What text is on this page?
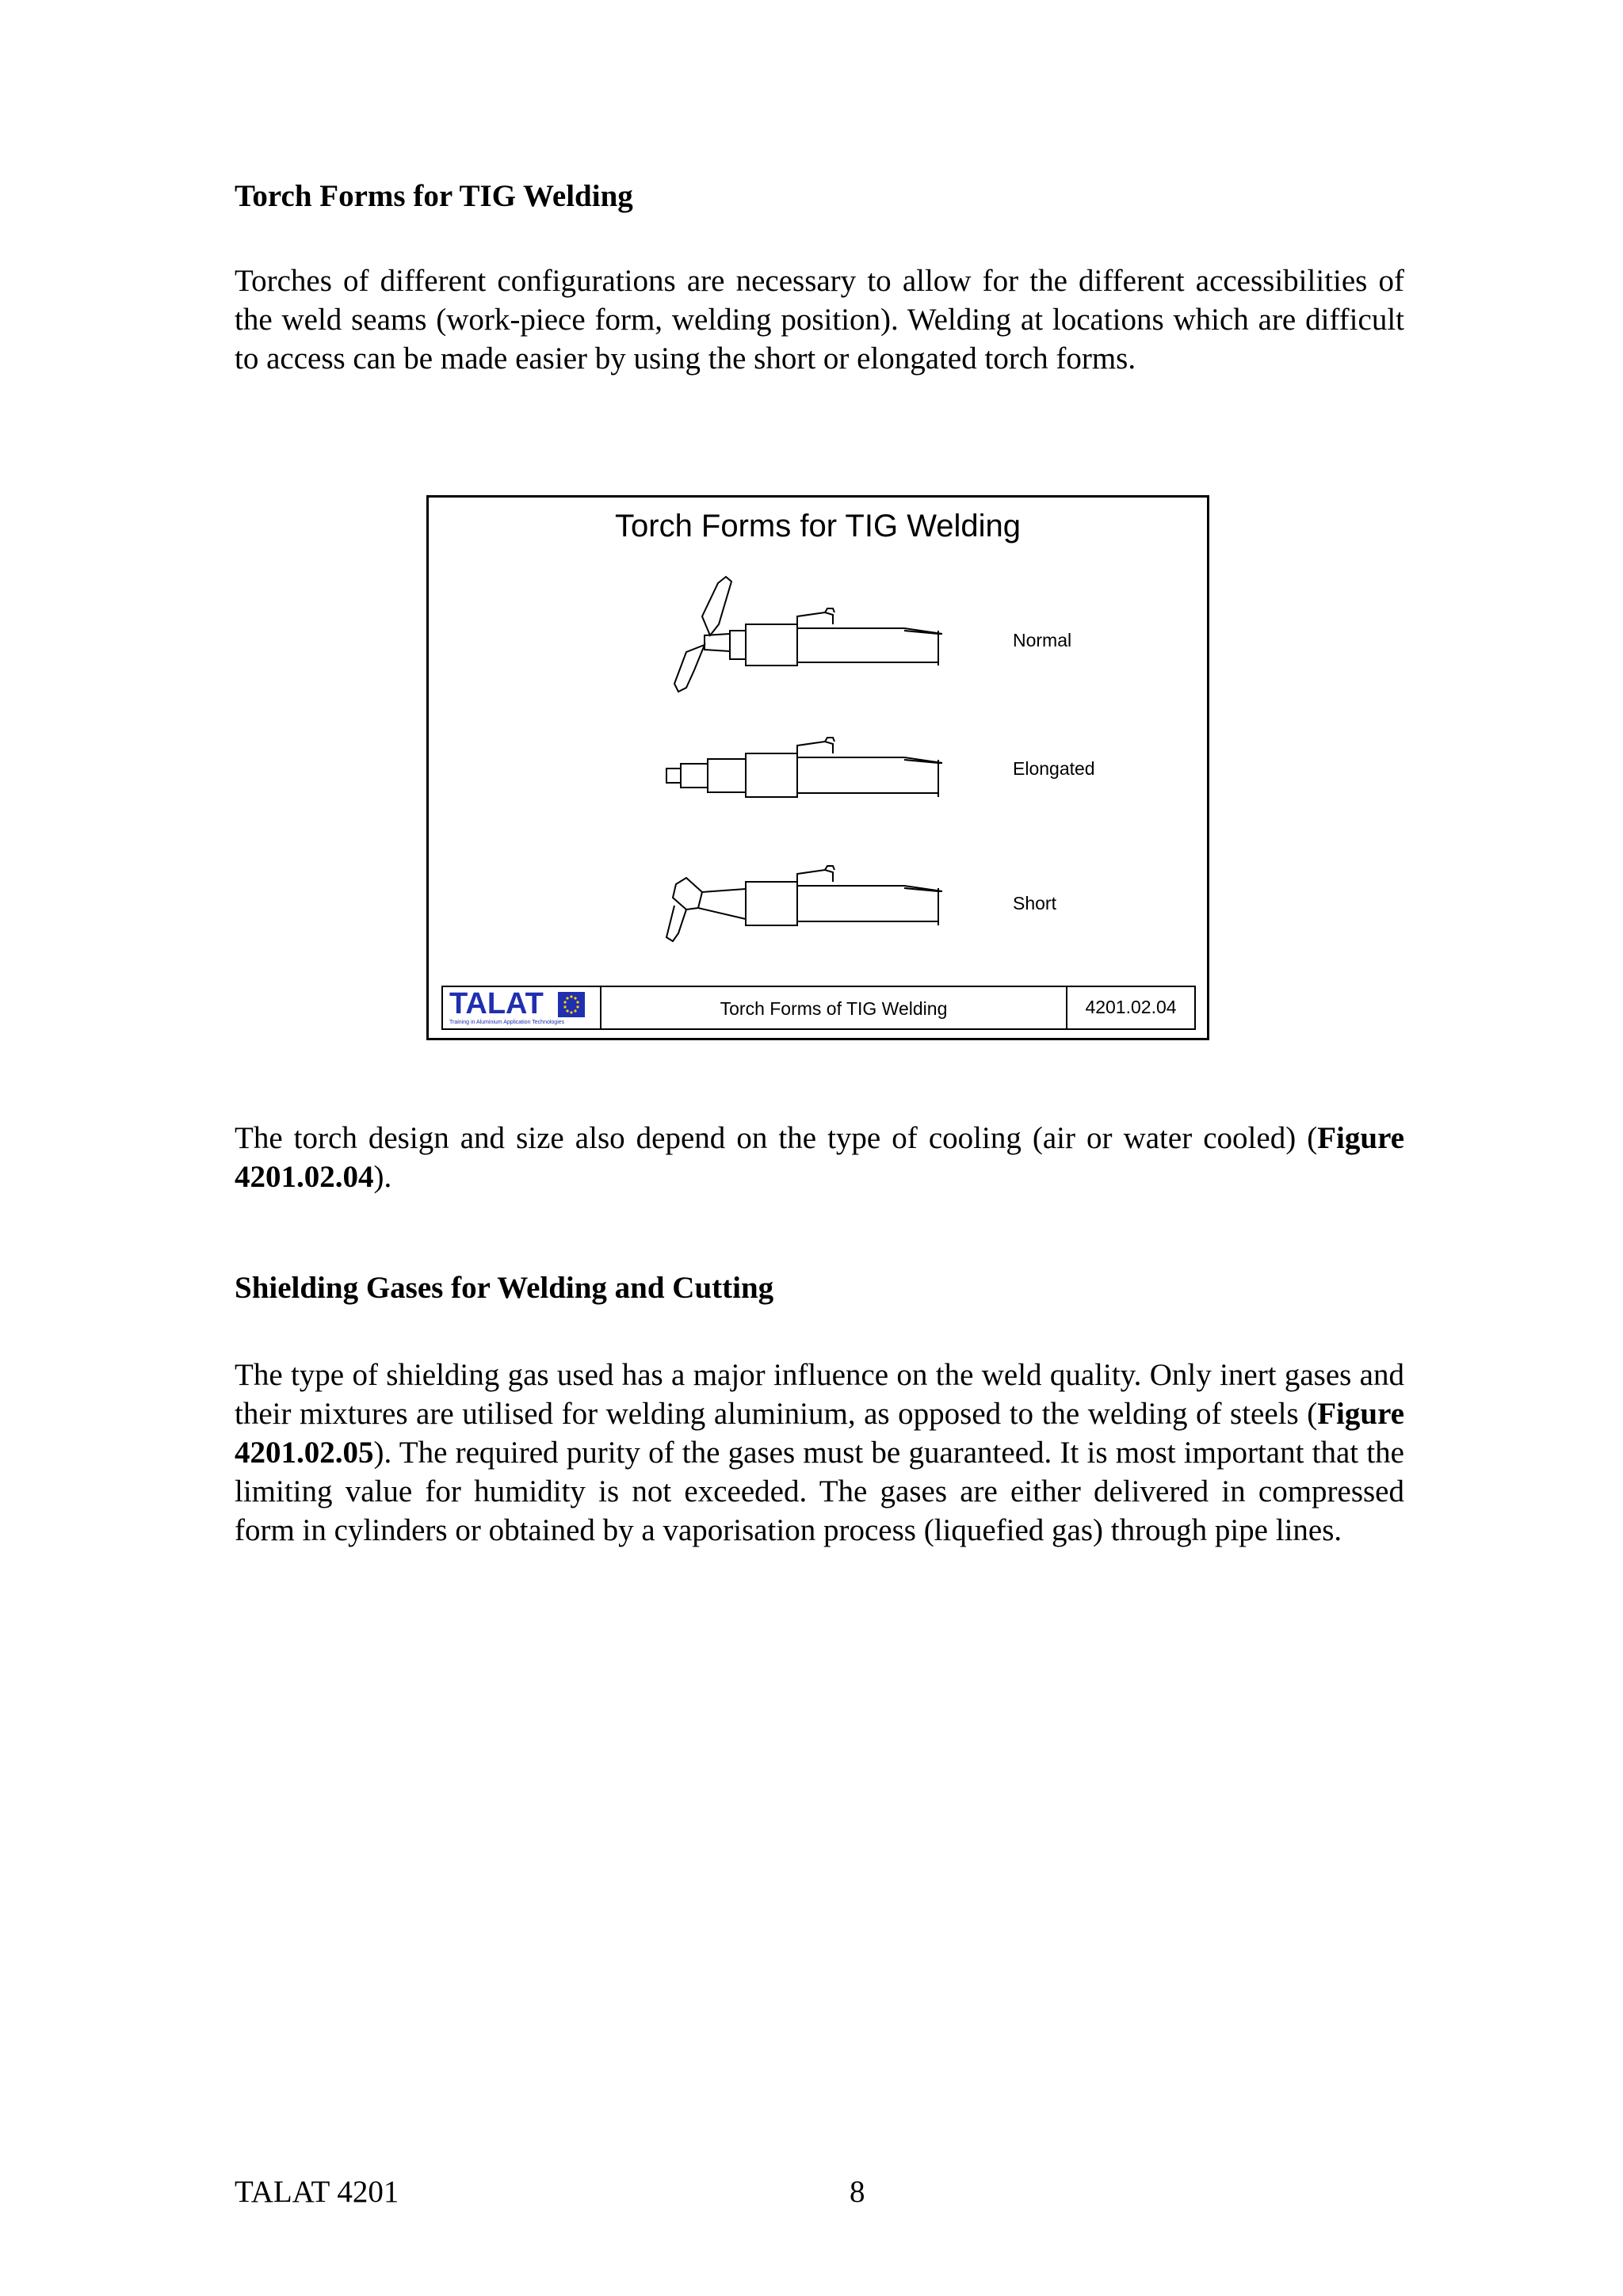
Torch Forms for TIG Welding

Torches of different configurations are necessary to allow for the different accessibilities of the weld seams (work-piece form, welding position). Welding at locations which are difficult to access can be made easier by using the short or elongated torch forms.

Torch Forms for TIG Welding
Normal
Elongated
Short
TALAT
Training in Aluminium Application Technologies
Torch Forms of TIG Welding	4201.02.04

The torch design and size also depend on the type of cooling (air or water cooled) (Figure 4201.02.04).

Shielding Gases for Welding and Cutting

The type of shielding gas used has a major influence on the weld quality. Only inert gases and their mixtures are utilised for welding aluminium, as opposed to the welding of steels (Figure 4201.02.05). The required purity of the gases must be guaranteed. It is most important that the limiting value for humidity is not exceeded. The gases are either delivered in compressed form in cylinders or obtained by a vaporisation process (liquefied gas) through pipe lines.

TALAT 4201	8
